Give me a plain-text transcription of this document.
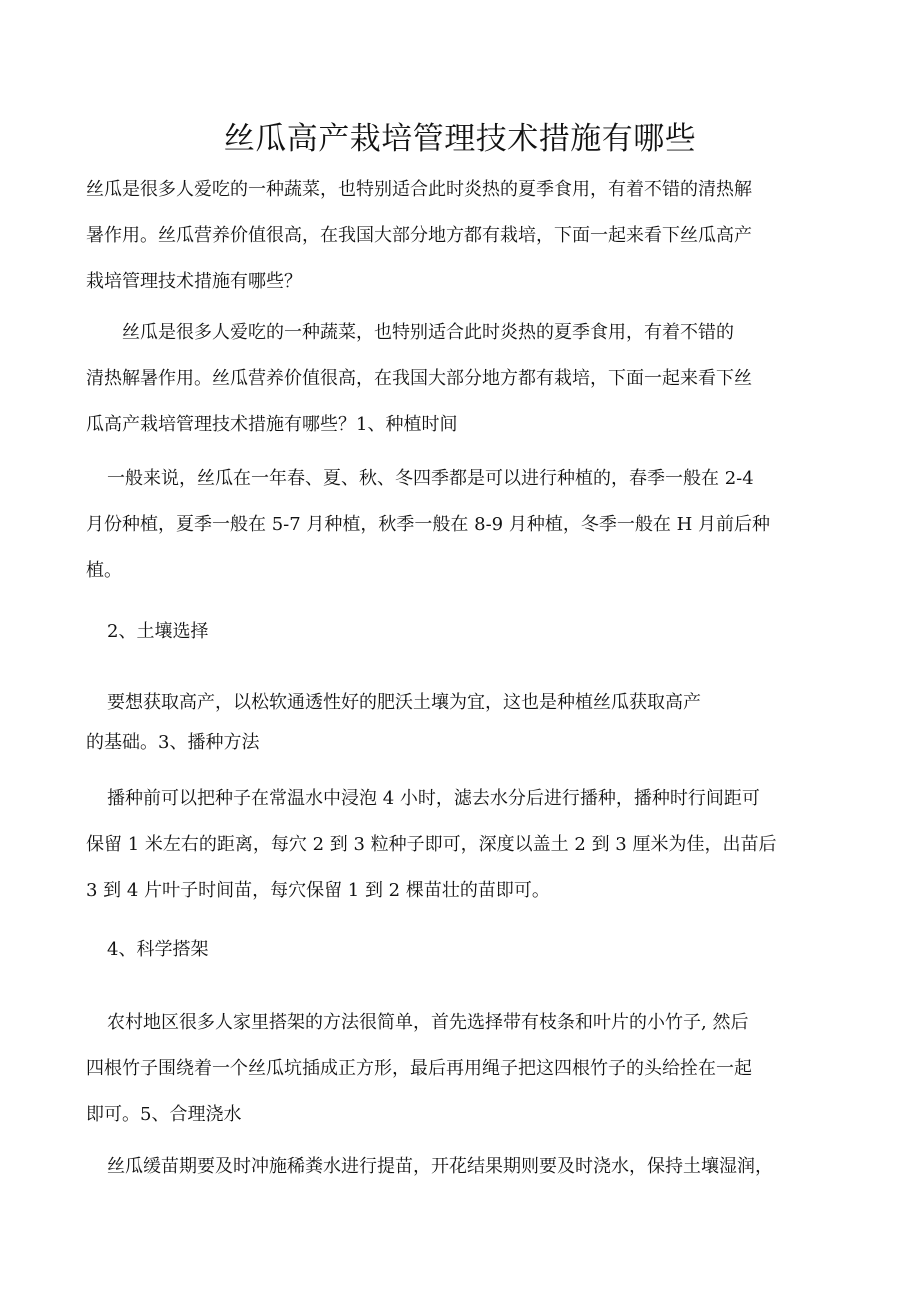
丝瓜高产栽培管理技术措施有哪些

丝瓜是很多人爱吃的一种蔬菜，也特别适合此时炎热的夏季食用，有着不错的清热解
暑作用。丝瓜营养价值很高，在我国大部分地方都有栽培，下面一起来看下丝瓜高产
栽培管理技术措施有哪些？

　　丝瓜是很多人爱吃的一种蔬菜，也特别适合此时炎热的夏季食用，有着不错的
清热解暑作用。丝瓜营养价值很高，在我国大部分地方都有栽培，下面一起来看下丝
瓜高产栽培管理技术措施有哪些？1、种植时间

一般来说，丝瓜在一年春、夏、秋、冬四季都是可以进行种植的，春季一般在 2-4
月份种植，夏季一般在 5-7 月种植，秋季一般在 8-9 月种植，冬季一般在 H 月前后种
植。

2、土壤选择

要想获取高产，以松软通透性好的肥沃土壤为宜，这也是种植丝瓜获取高产
的基础。3、播种方法

播种前可以把种子在常温水中浸泡 4 小时，滤去水分后进行播种，播种时行间距可
保留 1 米左右的距离，每穴 2 到 3 粒种子即可，深度以盖土 2 到 3 厘米为佳，出苗后
3 到 4 片叶子时间苗，每穴保留 1 到 2 棵苗壮的苗即可。

4、科学搭架

农村地区很多人家里搭架的方法很简单，首先选择带有枝条和叶片的小竹子, 然后
四根竹子围绕着一个丝瓜坑插成正方形，最后再用绳子把这四根竹子的头给拴在一起
即可。5、合理浇水

丝瓜缓苗期要及时冲施稀粪水进行提苗，开花结果期则要及时浇水，保持土壤湿润，
